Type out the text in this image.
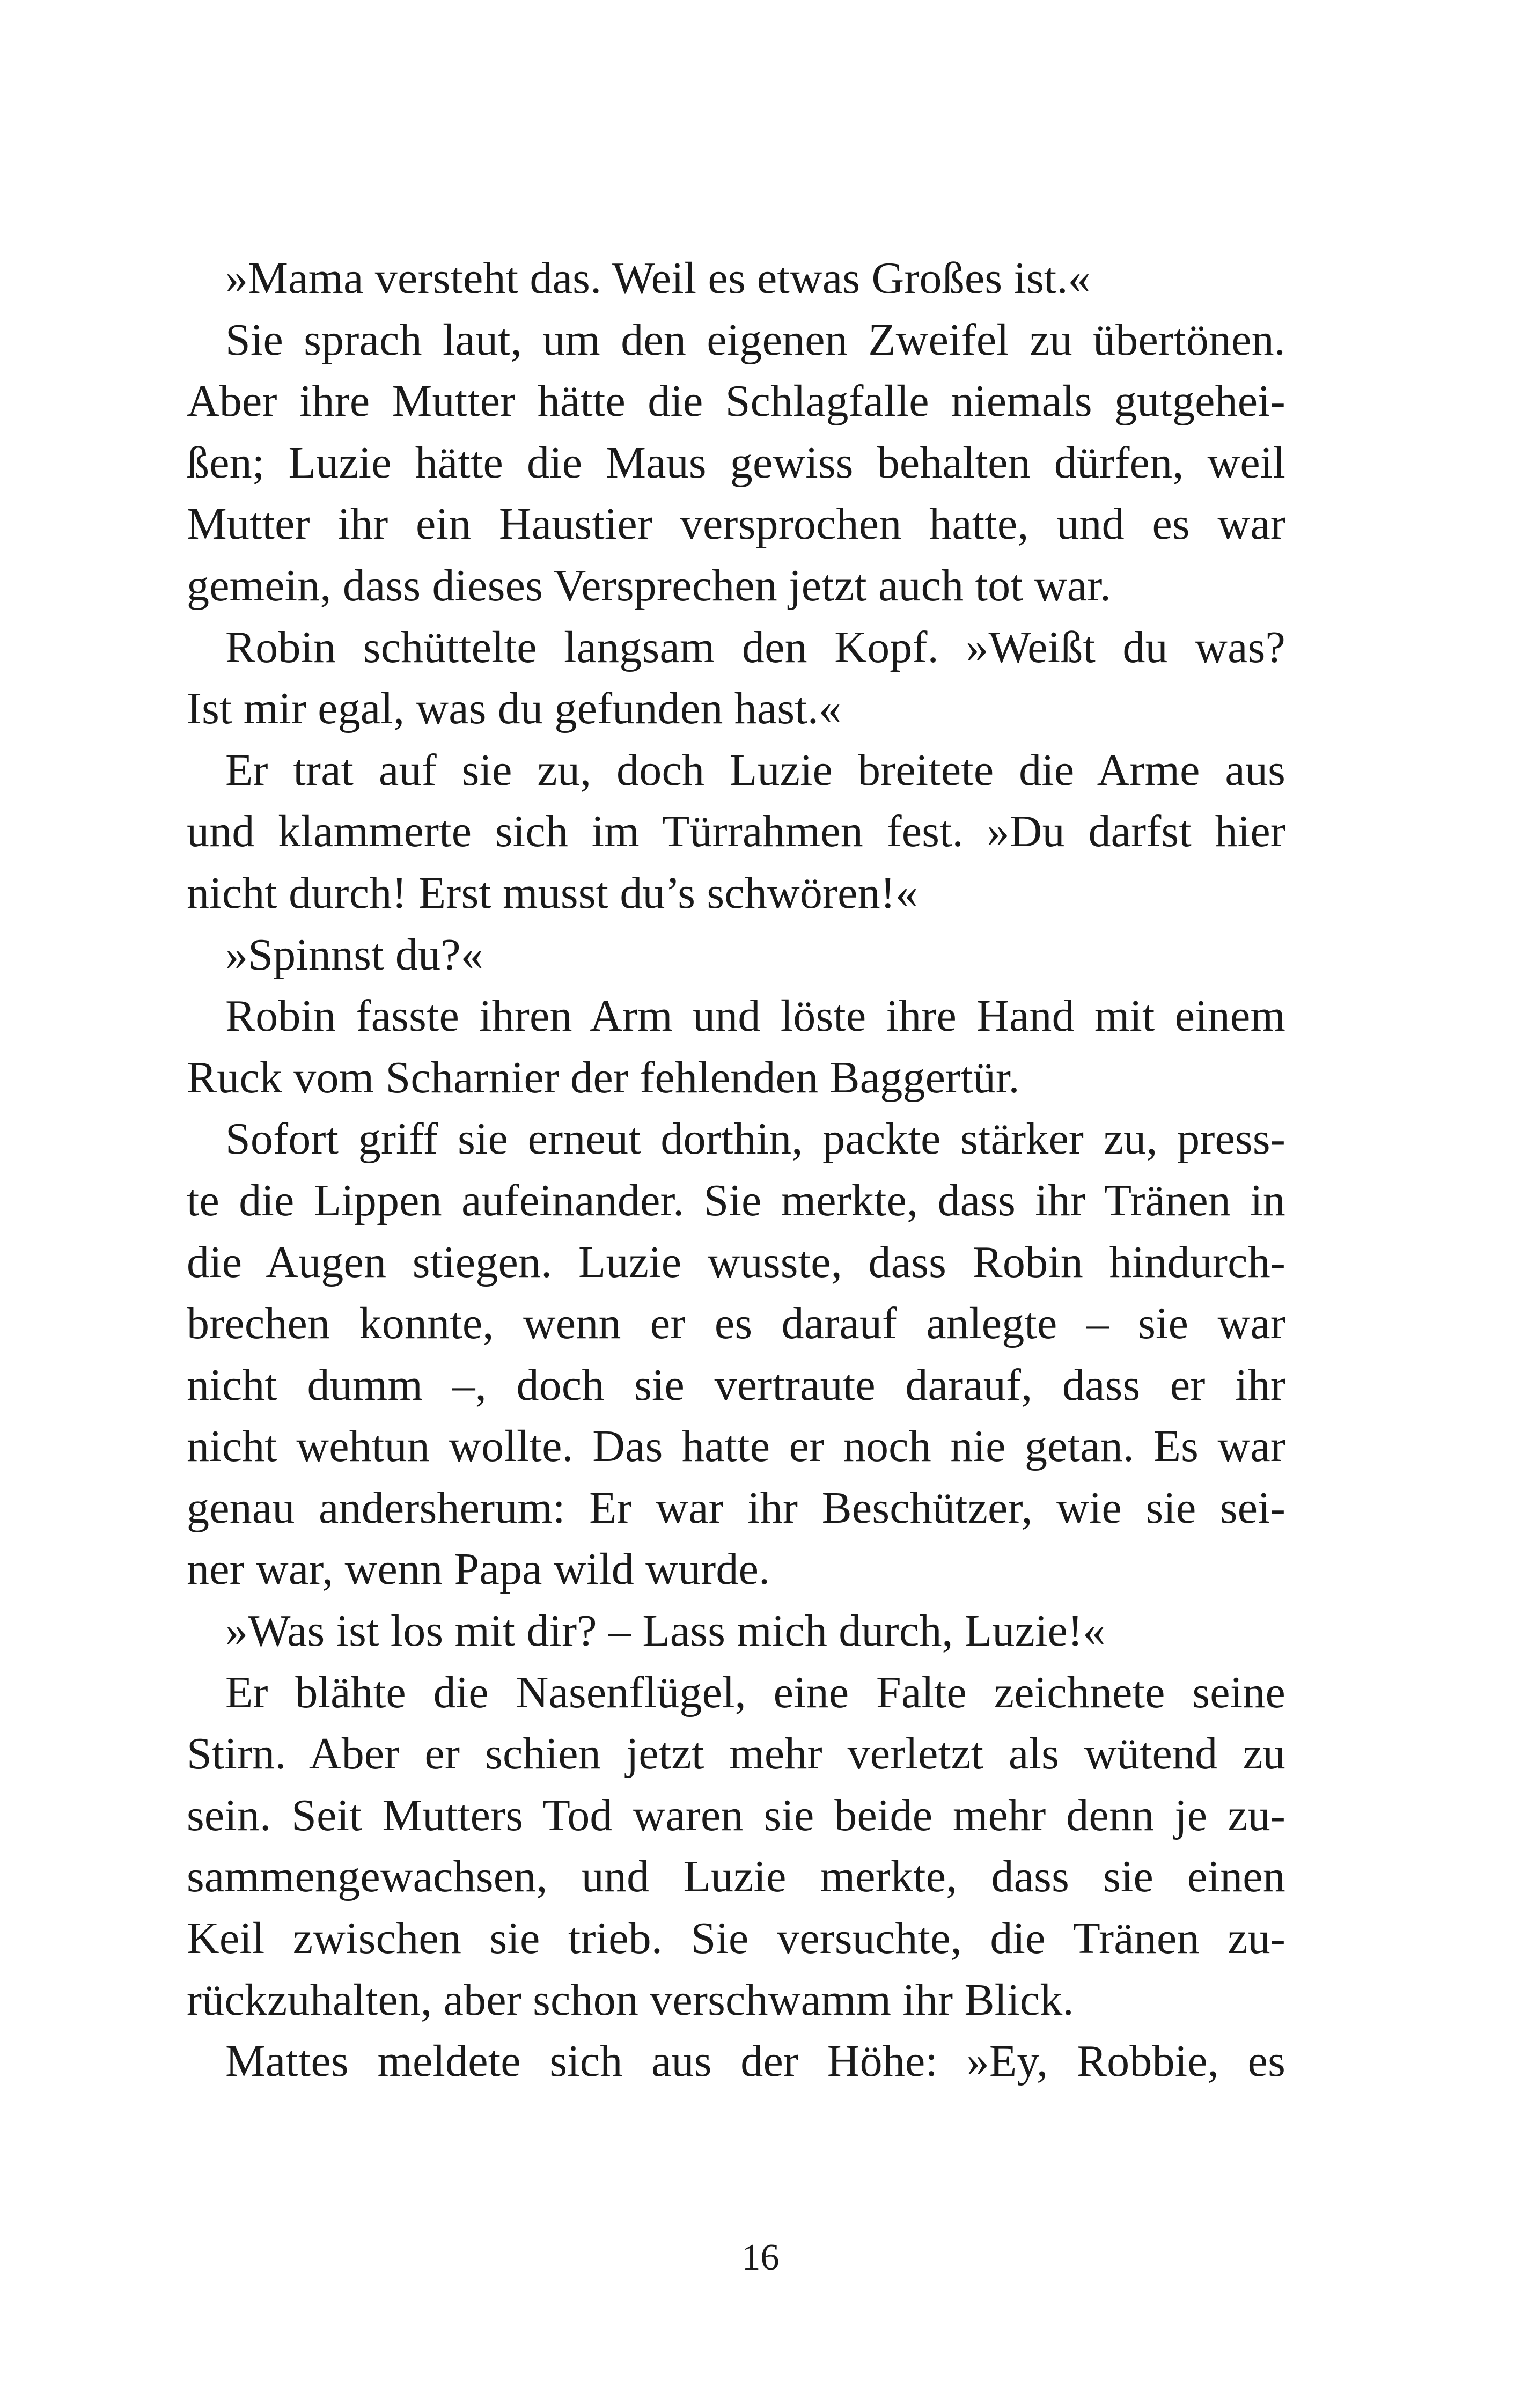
»Mama versteht das. Weil es etwas Großes ist.«
Sie sprach laut, um den eigenen Zweifel zu übertönen.
Aber ihre Mutter hätte die Schlagfalle niemals gutgehei-
ßen; Luzie hätte die Maus gewiss behalten dürfen, weil
Mutter ihr ein Haustier versprochen hatte, und es war
gemein, dass dieses Versprechen jetzt auch tot war.
Robin schüttelte langsam den Kopf. »Weißt du was?
Ist mir egal, was du gefunden hast.«
Er trat auf sie zu, doch Luzie breitete die Arme aus
und klammerte sich im Türrahmen fest. »Du darfst hier
nicht durch! Erst musst du’s schwören!«
»Spinnst du?«
Robin fasste ihren Arm und löste ihre Hand mit einem
Ruck vom Scharnier der fehlenden Baggertür.
Sofort griff sie erneut dorthin, packte stärker zu, press-
te die Lippen aufeinander. Sie merkte, dass ihr Tränen in
die Augen stiegen. Luzie wusste, dass Robin hindurch-
brechen konnte, wenn er es darauf anlegte – sie war
nicht dumm –, doch sie vertraute darauf, dass er ihr
nicht wehtun wollte. Das hatte er noch nie getan. Es war
genau andersherum: Er war ihr Beschützer, wie sie sei-
ner war, wenn Papa wild wurde.
»Was ist los mit dir? – Lass mich durch, Luzie!«
Er blähte die Nasenflügel, eine Falte zeichnete seine
Stirn. Aber er schien jetzt mehr verletzt als wütend zu
sein. Seit Mutters Tod waren sie beide mehr denn je zu-
sammengewachsen, und Luzie merkte, dass sie einen
Keil zwischen sie trieb. Sie versuchte, die Tränen zu-
rückzuhalten, aber schon verschwamm ihr Blick.
Mattes meldete sich aus der Höhe: »Ey, Robbie, es
16
